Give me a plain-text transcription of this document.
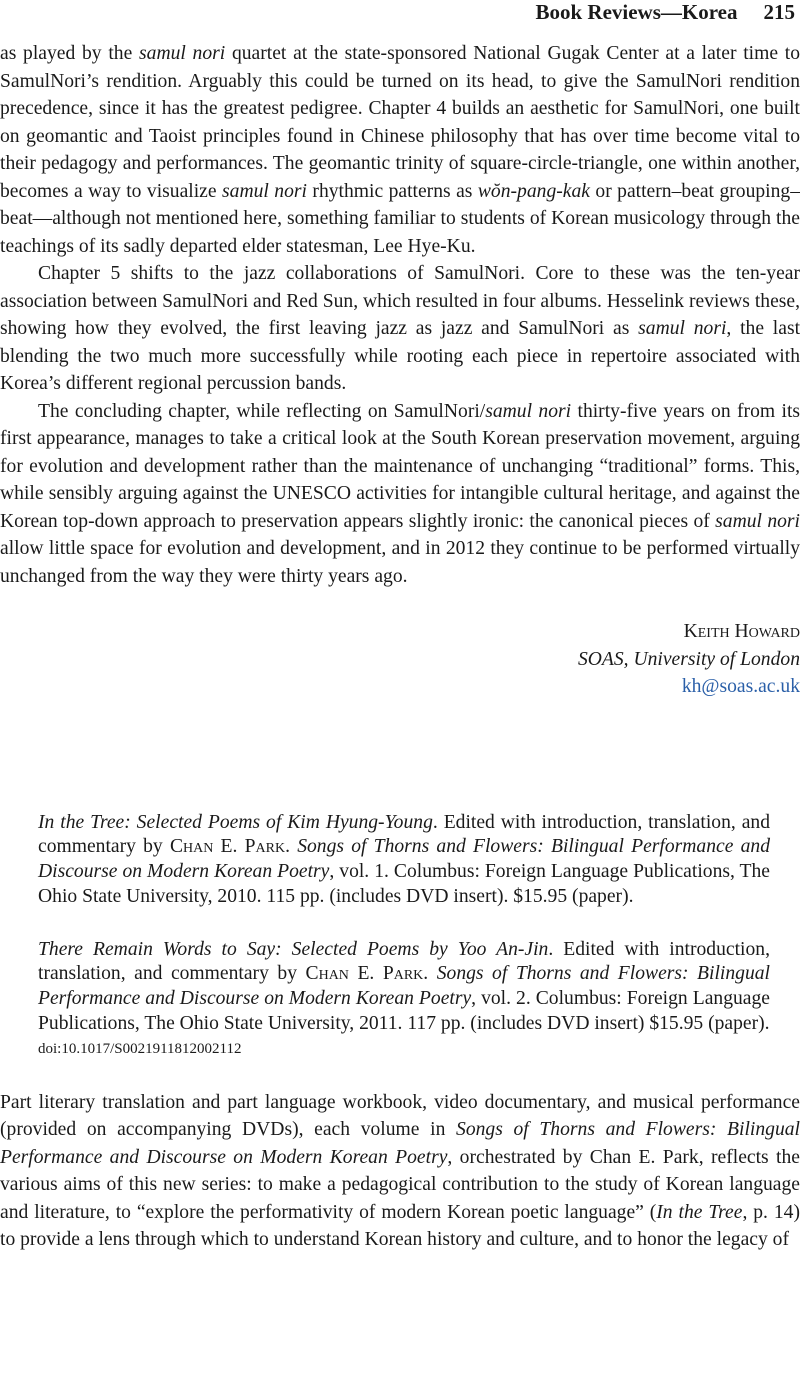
Book Reviews—Korea 215

as played by the samul nori quartet at the state-sponsored National Gugak Center at a later time to SamulNori’s rendition. Arguably this could be turned on its head, to give the SamulNori rendition precedence, since it has the greatest pedigree. Chapter 4 builds an aesthetic for SamulNori, one built on geomantic and Taoist principles found in Chinese philosophy that has over time become vital to their pedagogy and performances. The geomantic trinity of square-circle-triangle, one within another, becomes a way to visualize samul nori rhythmic patterns as wŏn-pang-kak or pattern–beat grouping–beat—although not mentioned here, something familiar to students of Korean musicology through the teachings of its sadly departed elder statesman, Lee Hye-Ku.

Chapter 5 shifts to the jazz collaborations of SamulNori. Core to these was the ten-year association between SamulNori and Red Sun, which resulted in four albums. Hesselink reviews these, showing how they evolved, the first leaving jazz as jazz and SamulNori as samul nori, the last blending the two much more successfully while rooting each piece in repertoire associated with Korea’s different regional percussion bands.

The concluding chapter, while reflecting on SamulNori/samul nori thirty-five years on from its first appearance, manages to take a critical look at the South Korean preservation movement, arguing for evolution and development rather than the maintenance of unchanging “traditional” forms. This, while sensibly arguing against the UNESCO activities for intangible cultural heritage, and against the Korean top-down approach to preservation appears slightly ironic: the canonical pieces of samul nori allow little space for evolution and development, and in 2012 they continue to be performed virtually unchanged from the way they were thirty years ago.

Keith Howard
SOAS, University of London
kh@soas.ac.uk

In the Tree: Selected Poems of Kim Hyung-Young. Edited with introduction, translation, and commentary by Chan E. Park. Songs of Thorns and Flowers: Bilingual Performance and Discourse on Modern Korean Poetry, vol. 1. Columbus: Foreign Language Publications, The Ohio State University, 2010. 115 pp. (includes DVD insert). $15.95 (paper).

There Remain Words to Say: Selected Poems by Yoo An-Jin. Edited with introduction, translation, and commentary by Chan E. Park. Songs of Thorns and Flowers: Bilingual Performance and Discourse on Modern Korean Poetry, vol. 2. Columbus: Foreign Language Publications, The Ohio State University, 2011. 117 pp. (includes DVD insert) $15.95 (paper).

doi:10.1017/S0021911812002112

Part literary translation and part language workbook, video documentary, and musical performance (provided on accompanying DVDs), each volume in Songs of Thorns and Flowers: Bilingual Performance and Discourse on Modern Korean Poetry, orchestrated by Chan E. Park, reflects the various aims of this new series: to make a pedagogical contribution to the study of Korean language and literature, to “explore the performativity of modern Korean poetic language” (In the Tree, p. 14) to provide a lens through which to understand Korean history and culture, and to honor the legacy of
